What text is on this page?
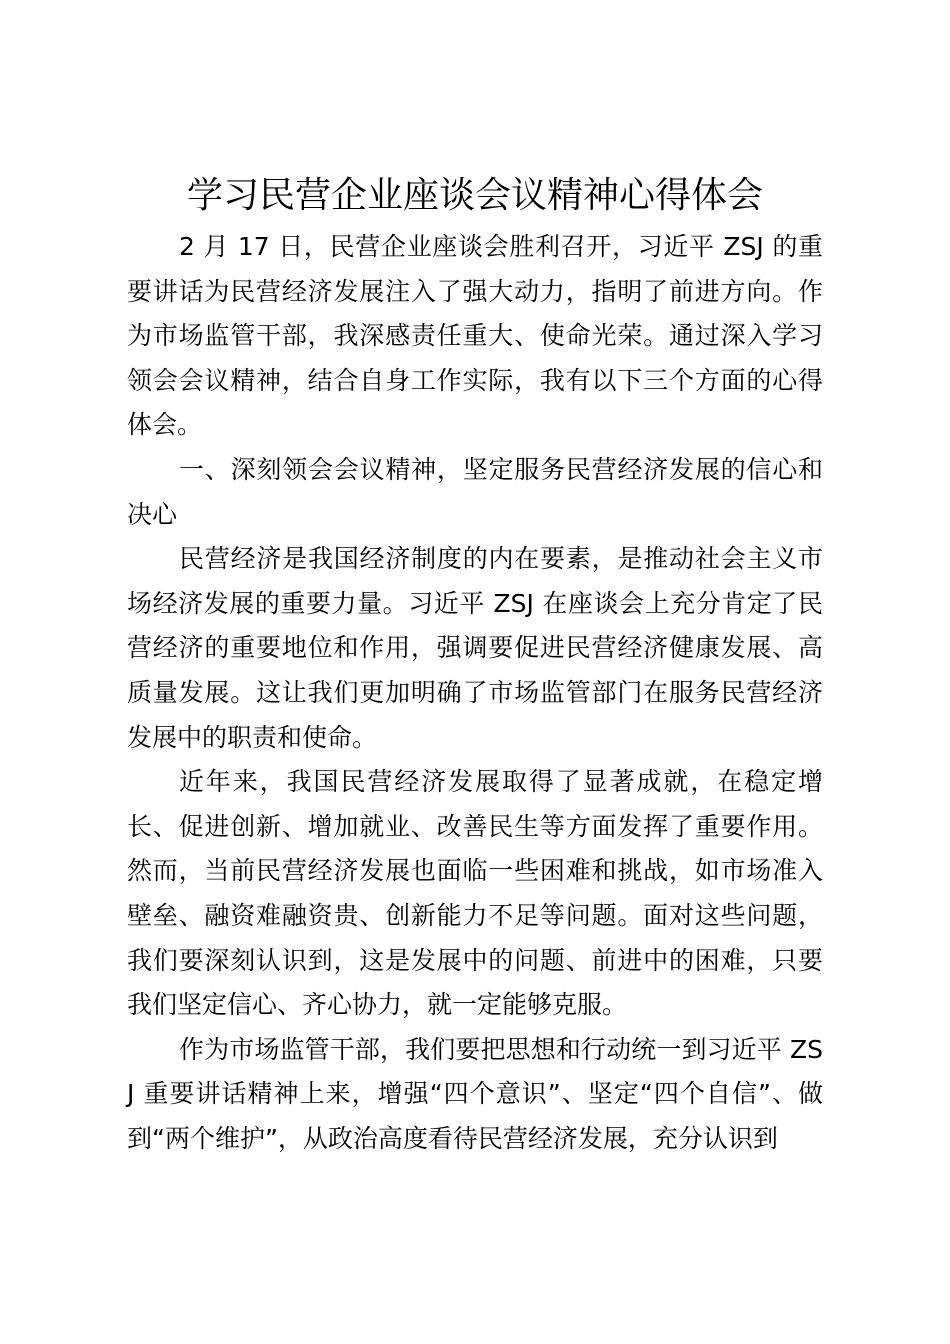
学习民营企业座谈会议精神心得体会

2 月 17 日，民营企业座谈会胜利召开，习近平 ZSJ 的重要讲话为民营经济发展注入了强大动力，指明了前进方向。作为市场监管干部，我深感责任重大、使命光荣。通过深入学习领会会议精神，结合自身工作实际，我有以下三个方面的心得体会。

一、深刻领会会议精神，坚定服务民营经济发展的信心和决心

民营经济是我国经济制度的内在要素，是推动社会主义市场经济发展的重要力量。习近平 ZSJ 在座谈会上充分肯定了民营经济的重要地位和作用，强调要促进民营经济健康发展、高质量发展。这让我们更加明确了市场监管部门在服务民营经济发展中的职责和使命。

近年来，我国民营经济发展取得了显著成就，在稳定增长、促进创新、增加就业、改善民生等方面发挥了重要作用。然而，当前民营经济发展也面临一些困难和挑战，如市场准入壁垒、融资难融资贵、创新能力不足等问题。面对这些问题，我们要深刻认识到，这是发展中的问题、前进中的困难，只要我们坚定信心、齐心协力，就一定能够克服。

作为市场监管干部，我们要把思想和行动统一到习近平 ZSJ 重要讲话精神上来，增强“四个意识”、坚定“四个自信”、做到“两个维护”，从政治高度看待民营经济发展，充分认识到
